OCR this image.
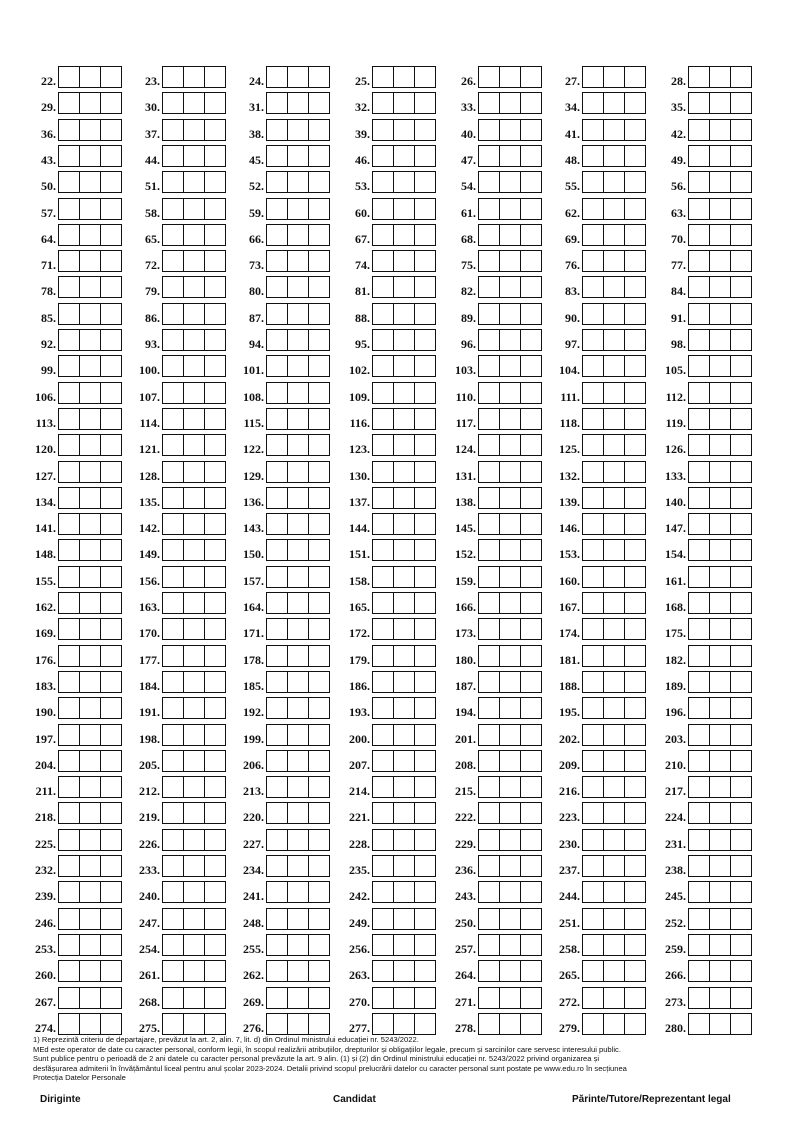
22.	23.	24.	25.	26.	27.	28.
29.	30.	31.	32.	33.	34.	35.
36.	37.	38.	39.	40.	41.	42.
43.	44.	45.	46.	47.	48.	49.
50.	51.	52.	53.	54.	55.	56.
57.	58.	59.	60.	61.	62.	63.
64.	65.	66.	67.	68.	69.	70.
71.	72.	73.	74.	75.	76.	77.
78.	79.	80.	81.	82.	83.	84.
85.	86.	87.	88.	89.	90.	91.
92.	93.	94.	95.	96.	97.	98.
99.	100.	101.	102.	103.	104.	105.
106.	107.	108.	109.	110.	111.	112.
113.	114.	115.	116.	117.	118.	119.
120.	121.	122.	123.	124.	125.	126.
127.	128.	129.	130.	131.	132.	133.
134.	135.	136.	137.	138.	139.	140.
141.	142.	143.	144.	145.	146.	147.
148.	149.	150.	151.	152.	153.	154.
155.	156.	157.	158.	159.	160.	161.
162.	163.	164.	165.	166.	167.	168.
169.	170.	171.	172.	173.	174.	175.
176.	177.	178.	179.	180.	181.	182.
183.	184.	185.	186.	187.	188.	189.
190.	191.	192.	193.	194.	195.	196.
197.	198.	199.	200.	201.	202.	203.
204.	205.	206.	207.	208.	209.	210.
211.	212.	213.	214.	215.	216.	217.
218.	219.	220.	221.	222.	223.	224.
225.	226.	227.	228.	229.	230.	231.
232.	233.	234.	235.	236.	237.	238.
239.	240.	241.	242.	243.	244.	245.
246.	247.	248.	249.	250.	251.	252.
253.	254.	255.	256.	257.	258.	259.
260.	261.	262.	263.	264.	265.	266.
267.	268.	269.	270.	271.	272.	273.
274.	275.	276.	277.	278.	279.	280.

1) Reprezintă criteriu de departajare, prevăzut la art. 2, alin. 7, lit. d) din Ordinul ministrului educației nr. 5243/2022.

MEd este operator de date cu caracter personal, conform legii, în scopul realizării atribuțiilor, drepturilor și obligațiilor legale, precum și sarcinilor care servesc interesului public.

Sunt publice pentru o perioadă de 2 ani datele cu caracter personal prevăzute la art. 9 alin. (1) și (2) din Ordinul ministrului educației nr. 5243/2022 privind organizarea și

desfășurarea admiterii în învățământul liceal pentru anul școlar 2023-2024. Detalii privind scopul prelucrării datelor cu caracter personal sunt postate pe www.edu.ro în secțiunea

Protecția Datelor Personale

Diriginte	Candidat	Părinte/Tutore/Reprezentant legal
